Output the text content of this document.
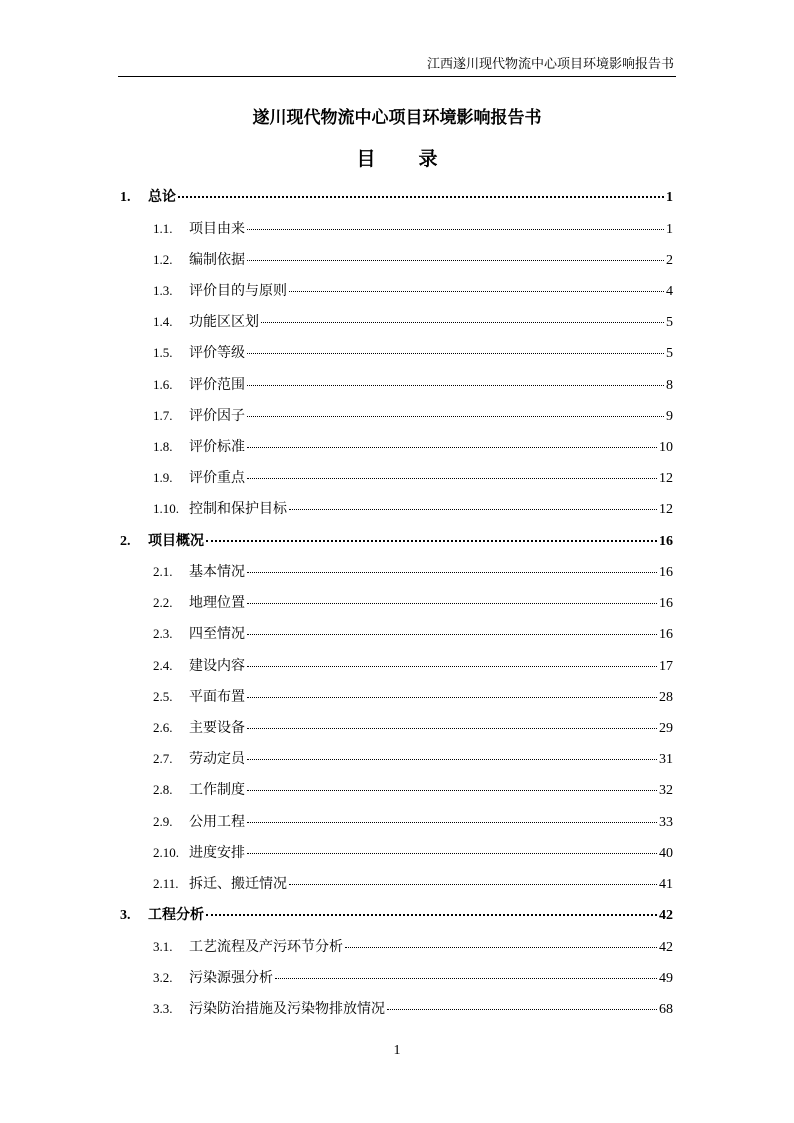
江西遂川现代物流中心项目环境影响报告书
遂川现代物流中心项目环境影响报告书
目　录
1.	总论	1
1.1.	项目由来	1
1.2.	编制依据	2
1.3.	评价目的与原则	4
1.4.	功能区区划	5
1.5.	评价等级	5
1.6.	评价范围	8
1.7.	评价因子	9
1.8.	评价标准	10
1.9.	评价重点	12
1.10. 控制和保护目标	12
2.	项目概况	16
2.1.	基本情况	16
2.2.	地理位置	16
2.3.	四至情况	16
2.4.	建设内容	17
2.5.	平面布置	28
2.6.	主要设备	29
2.7.	劳动定员	31
2.8.	工作制度	32
2.9.	公用工程	33
2.10. 进度安排	40
2.11. 拆迁、搬迁情况	41
3.	工程分析	42
3.1.	工艺流程及产污环节分析	42
3.2.	污染源强分析	49
3.3.	污染防治措施及污染物排放情况	68
1
